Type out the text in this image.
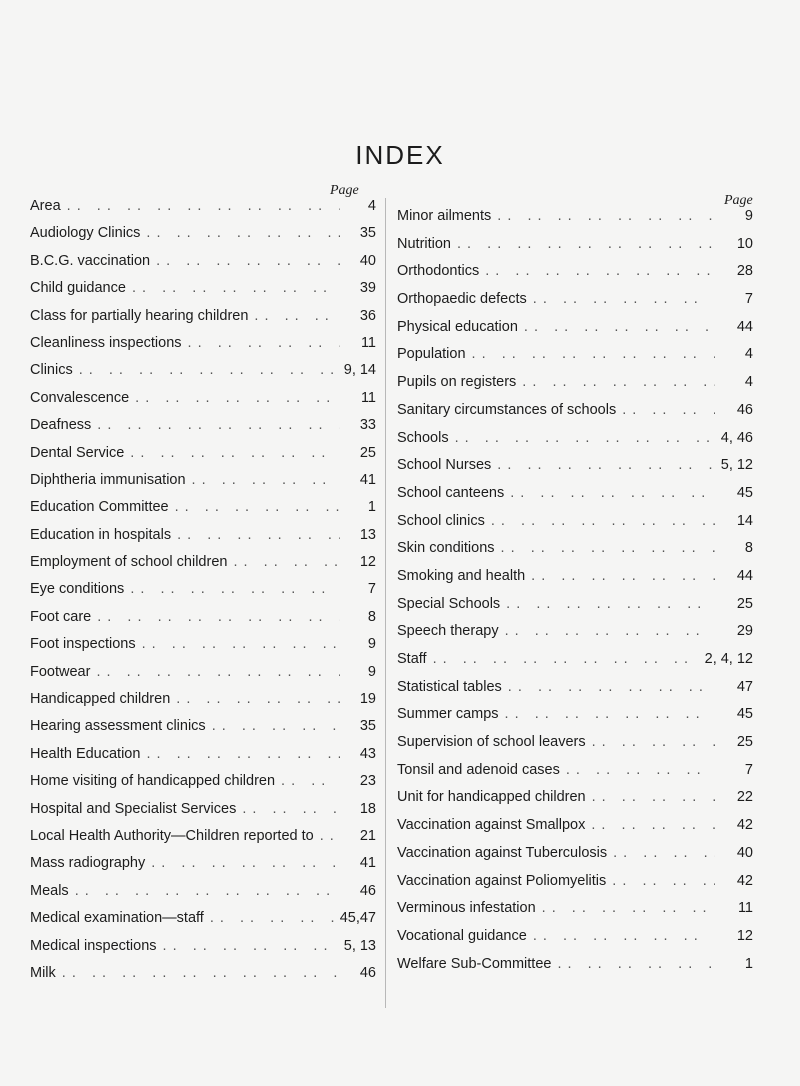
INDEX
Page
Page
Area . .	4
Audiology Clinics . .	35
B.C.G. vaccination . .	40
Child guidance . .	39
Class for partially hearing children . .	36
Cleanliness inspections . .	11
Clinics . .	9, 14
Convalescence . .	11
Deafness . .	33
Dental Service . .	25
Diphtheria immunisation . .	41
Education Committee . .	1
Education in hospitals . .	13
Employment of school children . .	12
Eye conditions . .	7
Foot care . .	8
Foot inspections . .	9
Footwear . .	9
Handicapped children . .	19
Hearing assessment clinics . .	35
Health Education . .	43
Home visiting of handicapped children . .	23
Hospital and Specialist Services . .	18
Local Health Authority—Children reported to . .	21
Mass radiography . .	41
Meals . .	46
Medical examination—staff . .	45,47
Medical inspections . .	5, 13
Milk . .	46
Minor ailments . .	9
Nutrition . .	10
Orthodontics . .	28
Orthopaedic defects . .	7
Physical education . .	44
Population . .	4
Pupils on registers . .	4
Sanitary circumstances of schools . .	46
Schools . .	4, 46
School Nurses . .	5, 12
School canteens . .	45
School clinics . .	14
Skin conditions . .	8
Smoking and health . .	44
Special Schools . .	25
Speech therapy . .	29
Staff . .	2, 4, 12
Statistical tables . .	47
Summer camps . .	45
Supervision of school leavers . .	25
Tonsil and adenoid cases . .	7
Unit for handicapped children . .	22
Vaccination against Smallpox . .	42
Vaccination against Tuberculosis . .	40
Vaccination against Poliomyelitis . .	42
Verminous infestation . .	11
Vocational guidance . .	12
Welfare Sub-Committee . .	1
